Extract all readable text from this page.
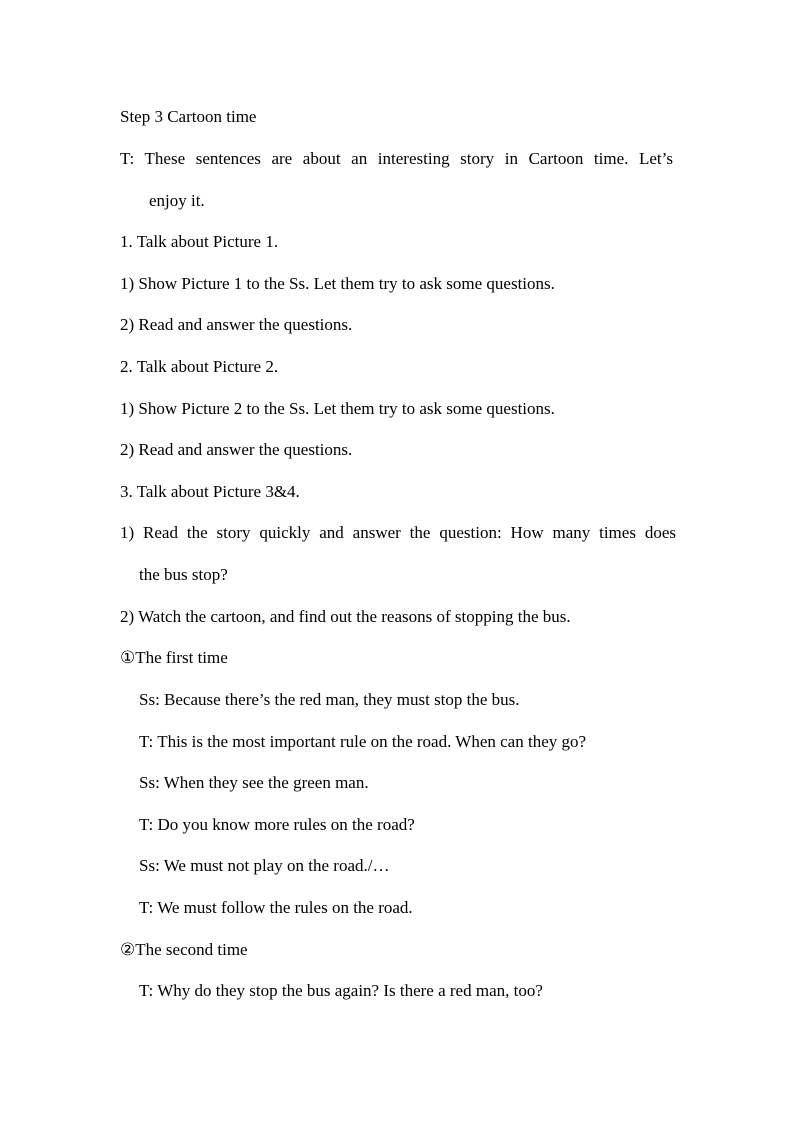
Step 3 Cartoon time
T: These sentences are about an interesting story in Cartoon time. Let’s
enjoy it.
1. Talk about Picture 1.
1) Show Picture 1 to the Ss. Let them try to ask some questions.
2) Read and answer the questions.
2. Talk about Picture 2.
1) Show Picture 2 to the Ss. Let them try to ask some questions.
2) Read and answer the questions.
3. Talk about Picture 3&4.
1) Read the story quickly and answer the question: How many times does
the bus stop?
2) Watch the cartoon, and find out the reasons of stopping the bus.
①The first time
Ss: Because there’s the red man, they must stop the bus.
T: This is the most important rule on the road. When can they go?
Ss: When they see the green man.
T: Do you know more rules on the road?
Ss: We must not play on the road./…
T: We must follow the rules on the road.
②The second time
T: Why do they stop the bus again? Is there a red man, too?
